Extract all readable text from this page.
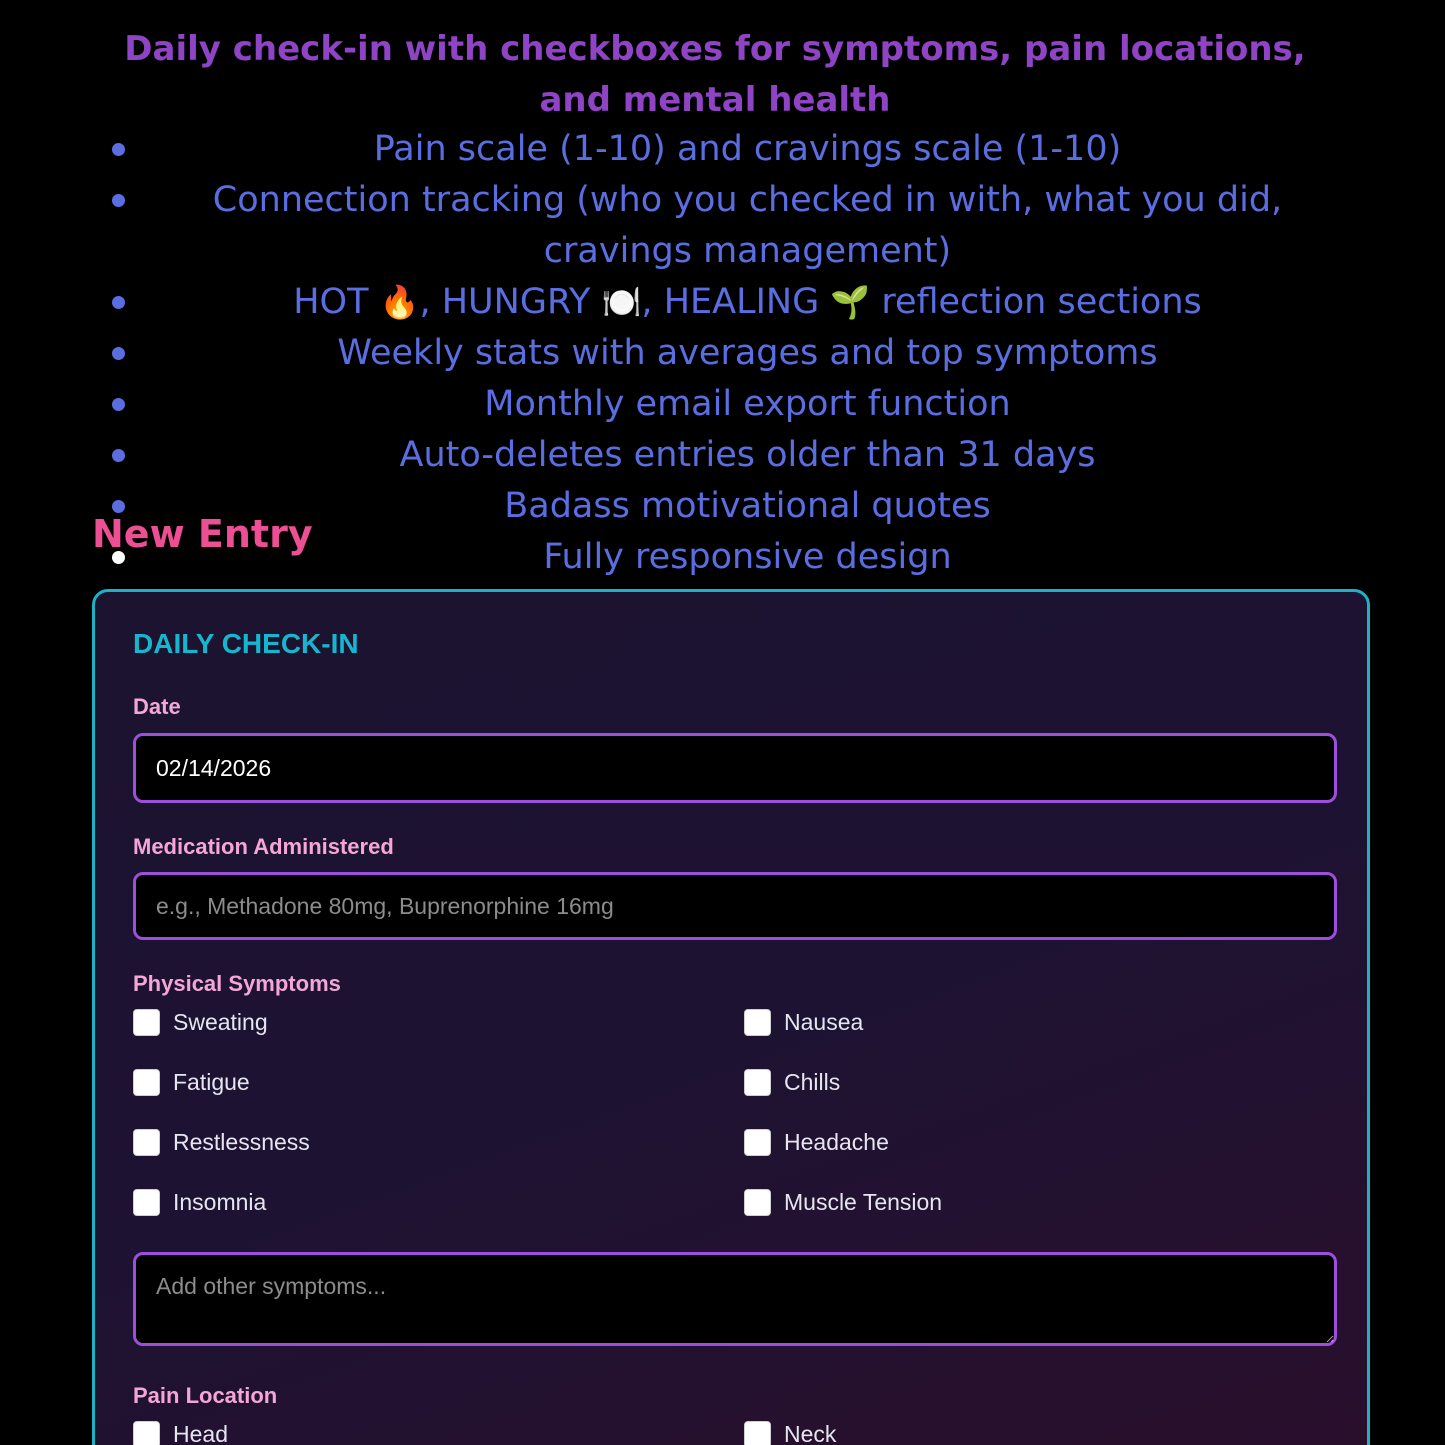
Daily check-in with checkboxes for symptoms, pain locations, and mental health
Pain scale (1-10) and cravings scale (1-10)
Connection tracking (who you checked in with, what you did, cravings management)
HOT 🔥, HUNGRY 🍽️, HEALING 🌱 reflection sections
Weekly stats with averages and top symptoms
Monthly email export function
Auto-deletes entries older than 31 days
Badass motivational quotes
Fully responsive design
New Entry
DAILY CHECK-IN
Date
02/14/2026
Medication Administered
e.g., Methadone 80mg, Buprenorphine 16mg
Physical Symptoms
Sweating	Nausea
Fatigue	Chills
Restlessness	Headache
Insomnia	Muscle Tension
Add other symptoms...
Pain Location
Head	Neck
